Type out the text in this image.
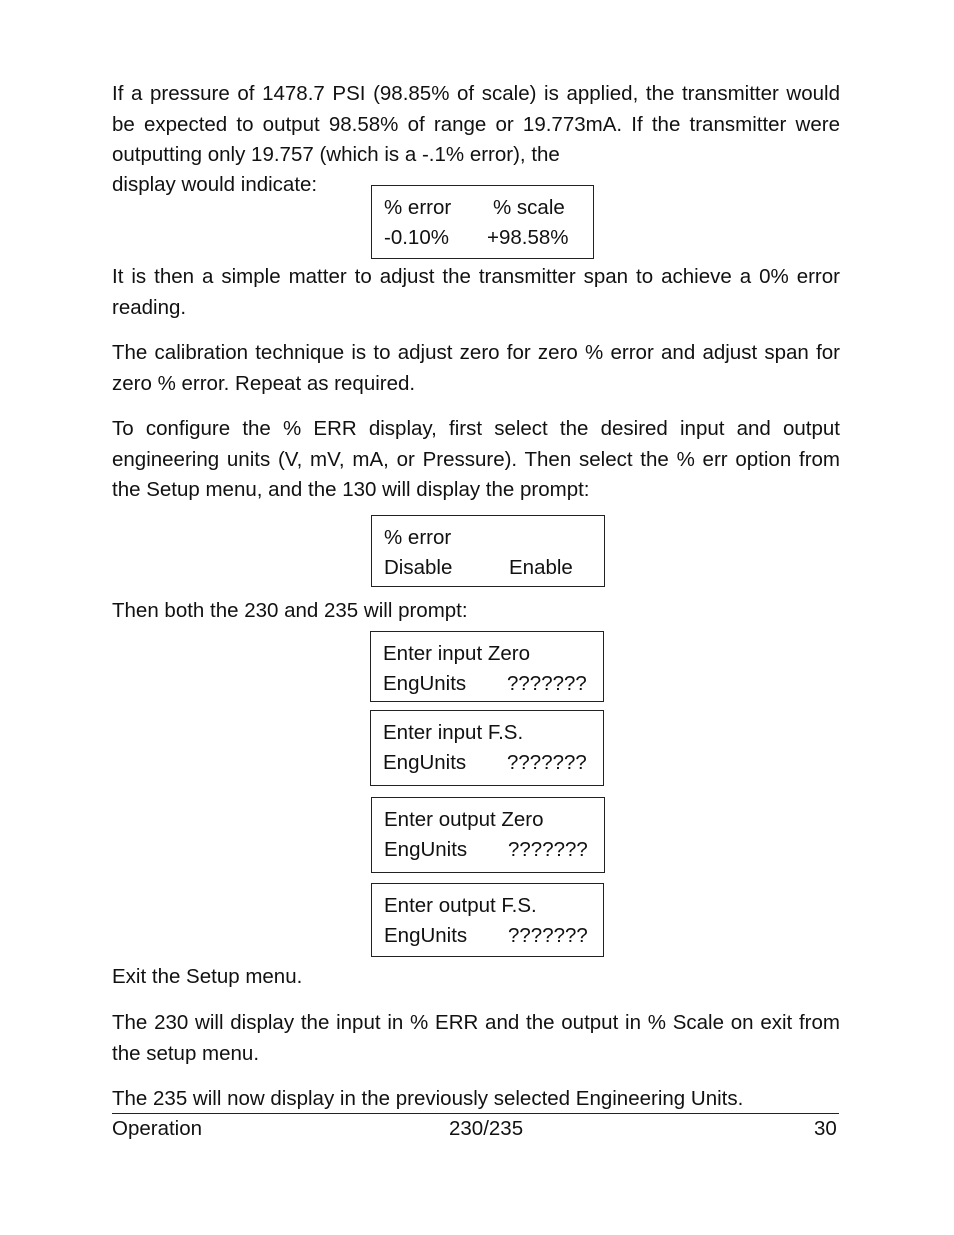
If a pressure of 1478.7 PSI (98.85% of scale) is applied, the transmitter would be expected to output 98.58% of range or 19.773mA. If the transmitter were outputting only 19.757 (which is a -.1% error), the

display would indicate:

% error % scale
-0.10% +98.58%

It is then a simple matter to adjust the transmitter span to achieve a 0% error reading.

The calibration technique is to adjust zero for zero % error and adjust span for zero % error. Repeat as required.

To configure the % ERR display, first select the desired input and output engineering units (V, mV, mA, or Pressure). Then select the % err option from the Setup menu, and the 130 will display the prompt:

% error
Disable	Enable

Then both the 230 and 235 will prompt:

Enter input Zero
EngUnits ???????
Enter input F.S.
EngUnits ???????
Enter output Zero
EngUnits ???????
Enter output F.S.
EngUnits ???????

Exit the Setup menu.

The 230 will display the input in % ERR and the output in % Scale on exit from the setup menu.

The 235 will now display in the previously selected Engineering Units.

Operation	230/235	30
